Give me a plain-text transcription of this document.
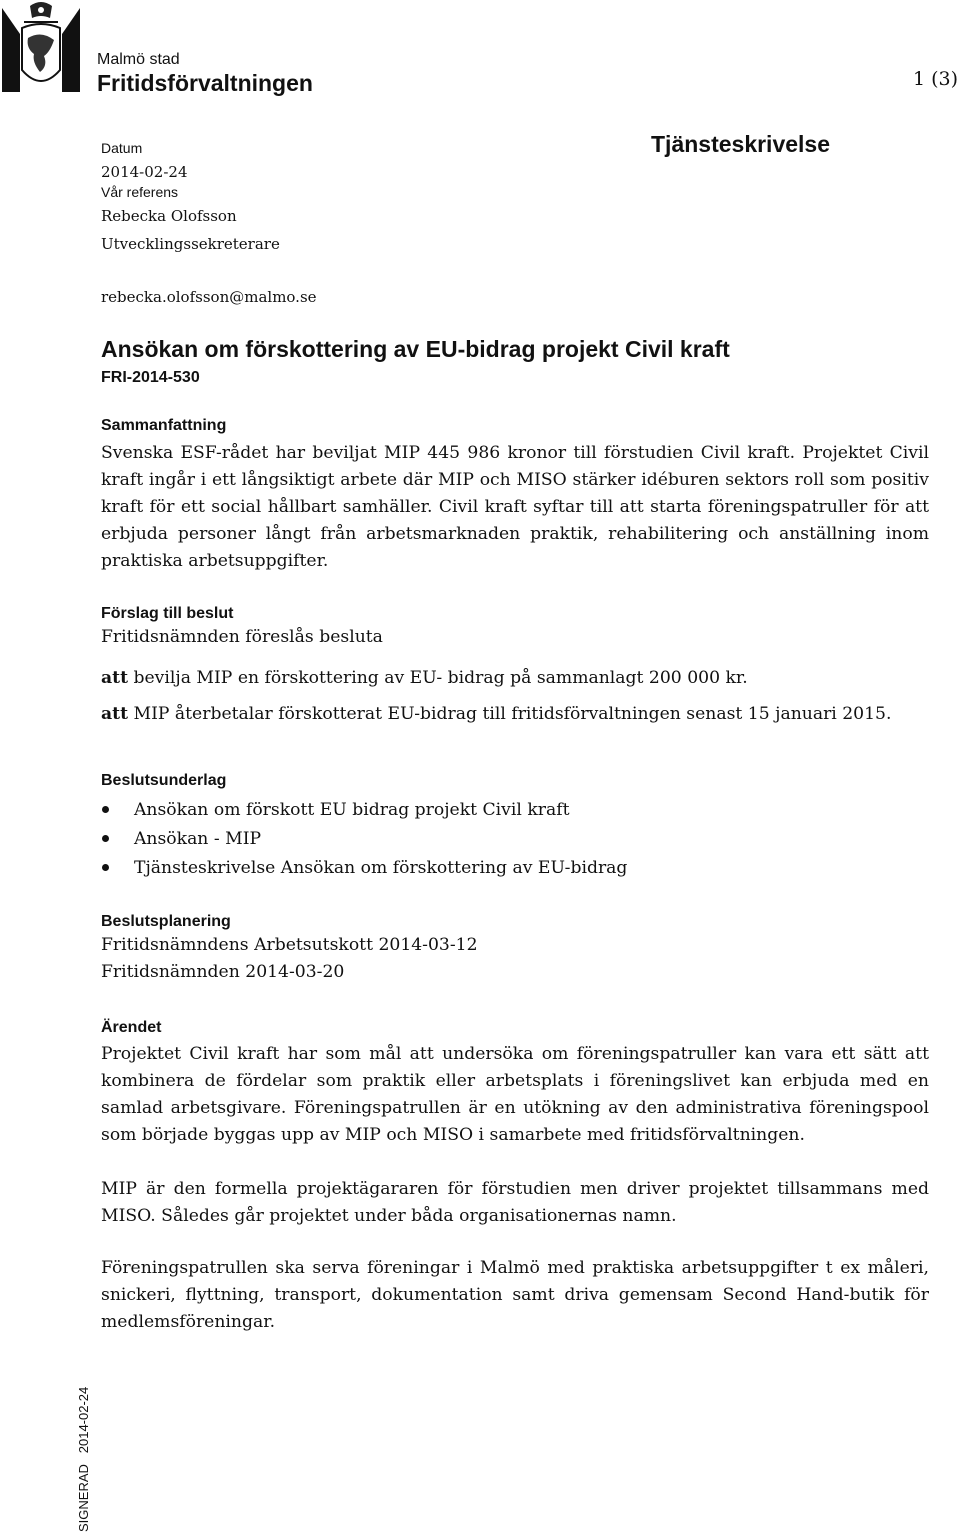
Malmö stad
Fritidsförvaltningen	1 (3)
Datum
2014-02-24
Vår referens
Rebecka Olofsson
Utvecklingssekreterare
rebecka.olofsson@malmo.se
Tjänsteskrivelse
Ansökan om förskottering av EU-bidrag projekt Civil kraft
FRI-2014-530
Sammanfattning

Svenska ESF-rådet har beviljat MIP 445 986 kronor till förstudien Civil kraft. Projektet Civil kraft ingår i ett långsiktigt arbete där MIP och MISO stärker idéburen sektors roll som positiv kraft för ett social hållbart samhäller. Civil kraft syftar till att starta föreningspatruller för att erbjuda personer långt från arbetsmarknaden praktik, rehabilitering och anställning inom praktiska arbetsuppgifter.

Förslag till beslut
Fritidsnämnden föreslås besluta
att bevilja MIP en förskottering av EU- bidrag på sammanlagt 200 000 kr.
att MIP återbetalar förskotterat EU-bidrag till fritidsförvaltningen senast 15 januari 2015.
Beslutsunderlag
Ansökan om förskott EU bidrag projekt Civil kraft
Ansökan - MIP
Tjänsteskrivelse Ansökan om förskottering av EU-bidrag
Beslutsplanering
Fritidsnämndens Arbetsutskott 2014-03-12
Fritidsnämnden 2014-03-20
Ärendet

Projektet Civil kraft har som mål att undersöka om föreningspatruller kan vara ett sätt att kombinera de fördelar som praktik eller arbetsplats i föreningslivet kan erbjuda med en samlad arbetsgivare. Föreningspatrullen är en utökning av den administrativa föreningspool som började byggas upp av MIP och MISO i samarbete med fritidsförvaltningen.

MIP är den formella projektägararen för förstudien men driver projektet tillsammans med MISO. Således går projektet under båda organisationernas namn.

Föreningspatrullen ska serva föreningar i Malmö med praktiska arbetsuppgifter t ex måleri, snickeri, flyttning, transport, dokumentation samt driva gemensam Second Hand-butik för medlemsföreningar.

SIGNERAD   2014-02-24
